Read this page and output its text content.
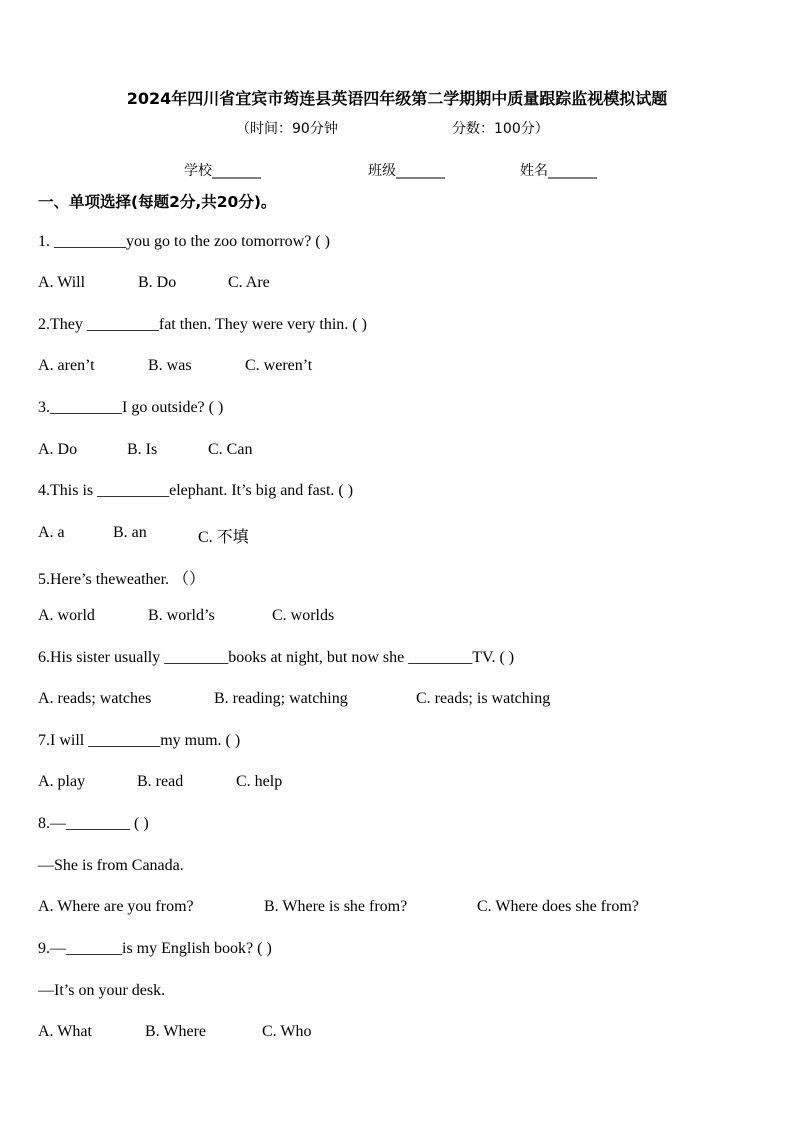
2024年四川省宜宾市筠连县英语四年级第二学期期中质量跟踪监视模拟试题
（时间：90分钟	分数：100分）
学校_______	班级_______	姓名_______
一、单项选择(每题2分,共20分)。
1. _________you go to the zoo tomorrow? ( )
A. Will	B. Do	C. Are
2.They _________fat then. They were very thin. ( )
A. aren’t	B. was	C. weren’t
3._________I go outside? ( )
A. Do	B. Is	C. Can
4.This is _________elephant. It’s big and fast. ( )
A. a	B. an	C. 不填
5.Here’s theweather. （）
A. world	B. world’s	C. worlds
6.His sister usually ________books at night, but now she ________TV. ( )
A. reads; watches	B. reading; watching	C. reads; is watching
7.I will _________my mum. ( )
A. play	B. read	C. help
8.—________ ( )
—She is from Canada.
A. Where are you from?	B. Where is she from?	C. Where does she from?
9.—_______is my English book? ( )
—It’s on your desk.
A. What	B. Where	C. Who
